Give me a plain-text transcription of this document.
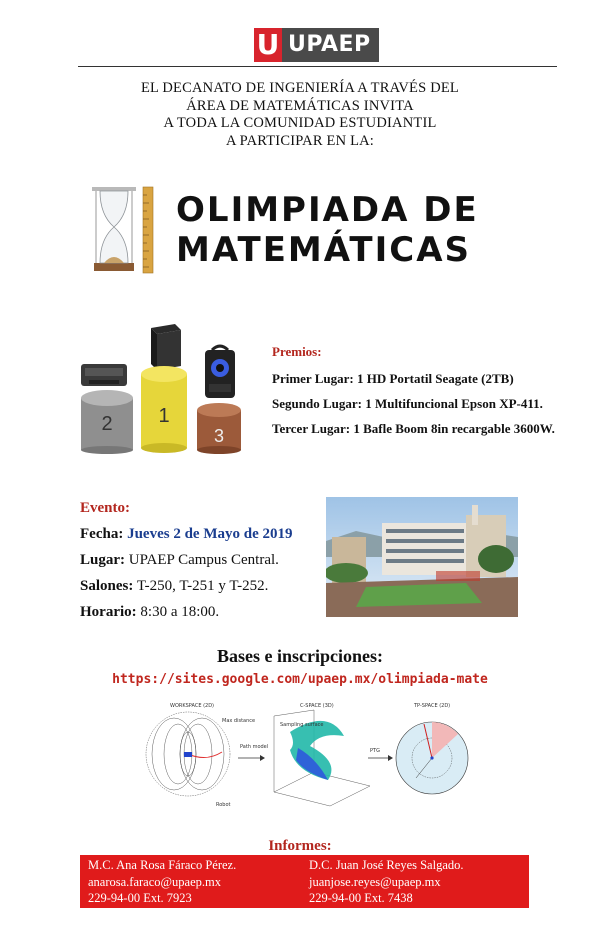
U UPAEP
EL DECANATO DE INGENIERÍA A TRAVÉS DEL
ÁREA DE MATEMÁTICAS INVITA
A TODA LA COMUNIDAD ESTUDIANTIL
A PARTICIPAR EN LA:
OLIMPIADA DE
MATEMÁTICAS
1
2
3
Premios:
Primer Lugar: 1 HD Portatil Seagate (2TB)
Segundo Lugar: 1 Multifuncional Epson XP-411.
Tercer Lugar: 1 Bafle Boom 8in recargable 3600W.
Evento:
Fecha: Jueves 2 de Mayo de 2019
Lugar: UPAEP Campus Central.
Salones: T-250, T-251 y T-252.
Horario: 8:30 a 18:00.
Bases e inscripciones:
https://sites.google.com/upaep.mx/olimpiada-mate
WORKSPACE (2D)
Max distance
Robot
Path model
C-SPACE (3D)
Sampling surface
PTG
TP-SPACE (2D)
Informes:
M.C. Ana Rosa Fáraco Pérez.
anarosa.faraco@upaep.mx
229-94-00 Ext. 7923
D.C. Juan José Reyes Salgado.
juanjose.reyes@upaep.mx
229-94-00 Ext. 7438
